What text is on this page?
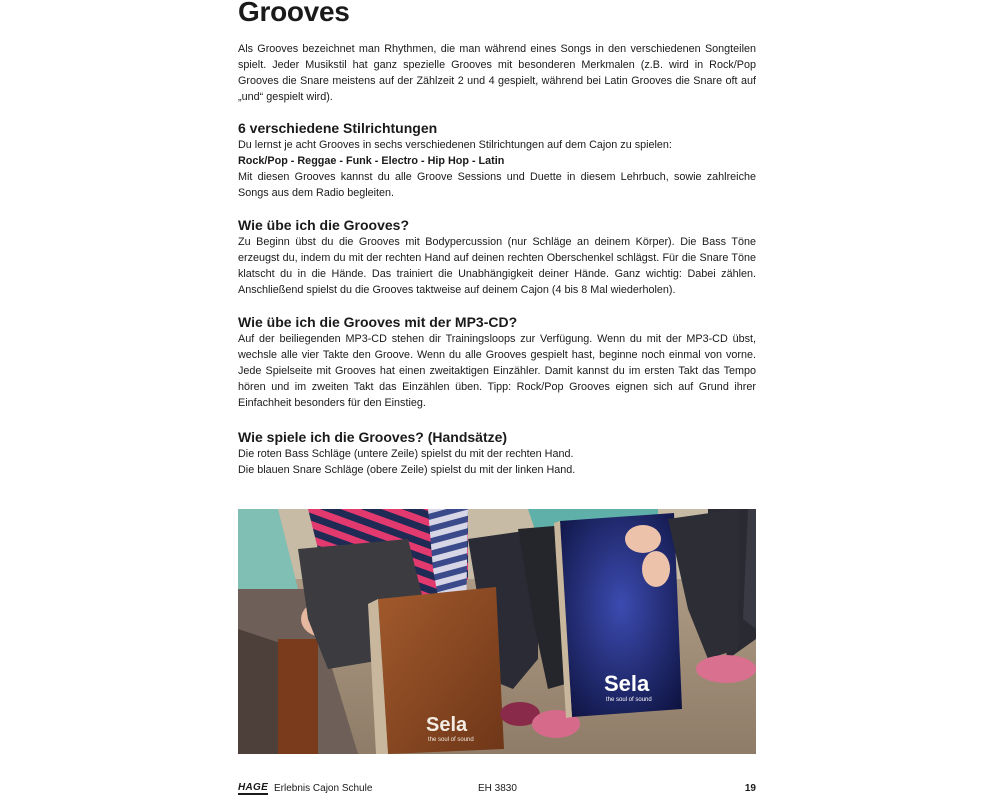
Grooves

Als Grooves bezeichnet man Rhythmen, die man während eines Songs in den verschiedenen Songteilen spielt. Jeder Musikstil hat ganz spezielle Grooves mit besonderen Merkmalen (z.B. wird in Rock/Pop Grooves die Snare meistens auf der Zählzeit 2 und 4 gespielt, während bei Latin Grooves die Snare oft auf „und“ gespielt wird).

6 verschiedene Stilrichtungen

Du lernst je acht Grooves in sechs verschiedenen Stilrichtungen auf dem Cajon zu spielen:

Rock/Pop - Reggae - Funk - Electro - Hip Hop - Latin

Mit diesen Grooves kannst du alle Groove Sessions und Duette in diesem Lehrbuch, sowie zahlreiche Songs aus dem Radio begleiten.

Wie übe ich die Grooves?

Zu Beginn übst du die Grooves mit Bodypercussion (nur Schläge an deinem Körper). Die Bass Töne erzeugst du, indem du mit der rechten Hand auf deinen rechten Oberschenkel schlägst. Für die Snare Töne klatscht du in die Hände. Das trainiert die Unabhängigkeit deiner Hände. Ganz wichtig: Dabei zählen. Anschließend spielst du die Grooves taktweise auf deinem Cajon (4 bis 8 Mal wiederholen).

Wie übe ich die Grooves mit der MP3-CD?

Auf der beiliegenden MP3-CD stehen dir Trainingsloops zur Verfügung. Wenn du mit der MP3-CD übst, wechsle alle vier Takte den Groove. Wenn du alle Grooves gespielt hast, beginne noch einmal von vorne. Jede Spielseite mit Grooves hat einen zweitaktigen Einzähler. Damit kannst du im ersten Takt das Tempo hören und im zweiten Takt das Einzählen üben. Tipp: Rock/Pop Grooves eignen sich auf Grund ihrer Einfachheit besonders für den Einstieg.

Wie spiele ich die Grooves? (Handsätze)

Die roten Bass Schläge (untere Zeile) spielst du mit der rechten Hand.

Die blauen Snare Schläge (obere Zeile) spielst du mit der linken Hand.

Sela
the soul of sound
Sela
the soul of sound
HAGE Erlebnis Cajon Schule	EH 3830	19
